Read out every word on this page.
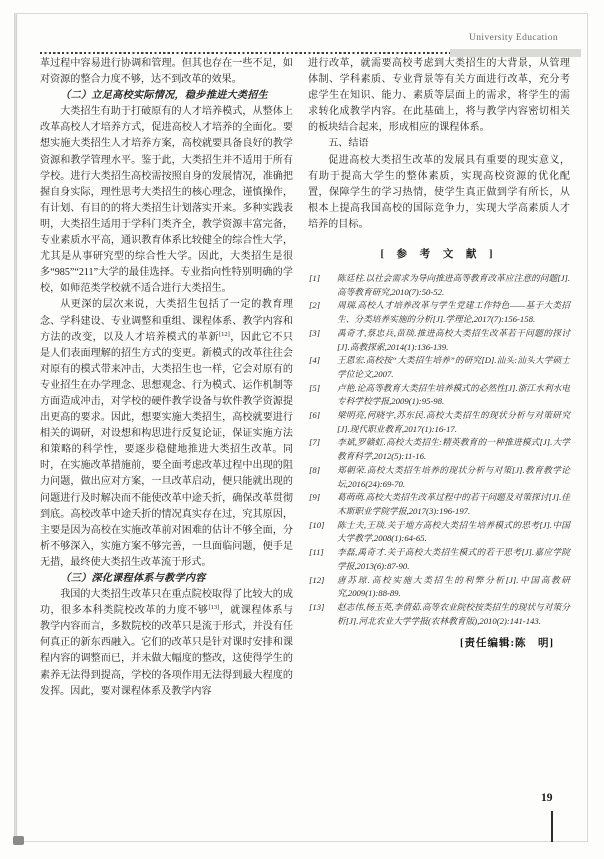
University Education

革过程中容易进行协调和管理。但其也存在一些不足，如对资源的整合力度不够，达不到改革的效果。

（二）立足高校实际情况，稳步推进大类招生

大类招生有助于打破原有的人才培养模式，从整体上改革高校人才培养方式，促进高校人才培养的全面化。要想实施大类招生人才培养方案，高校就要具备良好的教学资源和教学管理水平。鉴于此，大类招生并不适用于所有学校。进行大类招生高校需按照自身的发展情况，准确把握自身实际，理性思考大类招生的核心理念，谨慎操作，有计划、有目的的将大类招生计划落实开来。多种实践表明，大类招生适用于学科门类齐全，教学资源丰富完备，专业素质水平高，通识教育体系比较健全的综合性大学，尤其是从事研究型的综合性大学。因此，大类招生是很多“985”“211”大学的最佳选择。专业指向性特别明确的学校，如师范类学校就不适合进行大类招生。

从更深的层次来说，大类招生包括了一定的教育理念、学科建设、专业调整和重组、课程体系、教学内容和方法的改变，以及人才培养模式的革新[12]，因此它不只是人们表面理解的招生方式的变更。新模式的改革往往会对原有的模式带来冲击，大类招生也一样，它会对原有的专业招生在办学理念、思想观念、行为模式、运作机制等方面造成冲击，对学校的硬件教学设备与软件教学资源提出更高的要求。因此，想要实施大类招生，高校就要进行相关的调研，对设想和构思进行反复论证，保证实施方法和策略的科学性，要逐步稳健地推进大类招生改革。同时，在实施改革措施前，要全面考虑改革过程中出现的阻力问题，做出应对方案，一旦改革启动，便只能就出现的问题进行及时解决而不能使改革中途夭折，确保改革贯彻到底。高校改革中途夭折的情况真实存在过，究其原因，主要是因为高校在实施改革前对困难的估计不够全面，分析不够深入，实施方案不够完善，一旦面临问题，便手足无措，最终使大类招生改革流于形式。

（三）深化课程体系与教学内容

我国的大类招生改革只在重点院校取得了比较大的成功，很多本科类院校改革的力度不够[13]，就课程体系与教学内容而言，多数院校的改革只是流于形式，并没有任何真正的新东西融入。它们的改革只是针对课时安排和课程内容的调整而已，并未做大幅度的整改，这使得学生的素养无法得到提高，学校的各项作用无法得到最大程度的发挥。因此，要对课程体系及教学内容

进行改革，就需要高校考虑到大类招生的大背景，从管理体制、学科素质、专业背景等有关方面进行改革，充分考虑学生在知识、能力、素质等层面上的需求，将学生的需求转化成教学内容。在此基础上，将与教学内容密切相关的板块结合起来，形成相应的课程体系。

五、结语

促进高校大类招生改革的发展具有重要的现实意义，有助于提高大学生的整体素质，实现高校资源的优化配置，保障学生的学习热情，使学生真正做到学有所长，从根本上提高我国高校的国际竞争力，实现大学高素质人才培养的目标。

[ 参 考 文 献 ]
[1] 陈廷柱.以社会需求为导向推进高等教育改革应注意的问题[J].高等教育研究,2010(7):50-52.
[2] 周瑞.高校人才培养改革与学生党建工作特色——基于大类招生、分类培养实施的分析[J].学理论,2017(7):156-158.
[3] 禹奇才,蔡忠兵,苗琰.推进高校大类招生改革若干问题的探讨[J].高教探索,2014(1):136-139.
[4] 王恩宏.高校按“大类招生培养”的研究[D].汕头:汕头大学硕士学位论文,2007.
[5] 卢艳.论高等教育大类招生培养模式的必然性[J].浙江水利水电专科学校学报,2009(1):95-98.
[6] 梁明亮,何晓宇,苏东民.高校大类招生的现状分析与对策研究[J].现代职业教育,2017(1):16-17.
[7] 李斌,罗赣虹.高校大类招生:精英教育的一种推进模式[J].大学教育科学,2012(5):11-16.
[8] 郑朝荣.高校大类招生培养的现状分析与对策[J].教育教学论坛,2016(24):69-70.
[9] 葛萌萌.高校大类招生改革过程中的若干问题及对策探讨[J].佳木斯职业学院学报,2017(3):196-197.
[10] 陈士夫,王琰.关于地方高校大类招生培养模式的思考[J].中国大学教学,2008(1):64-65.
[11] 李磊,禹奇才.关于高校大类招生模式的若干思考[J].嘉应学院学报,2013(6):87-90.
[12] 唐苏琼.高校实施大类招生的利弊分析[J].中国高教研究,2009(1):88-89.
[13] 赵志伟,杨玉英,李倩茹.高等农业院校按类招生的现状与对策分析[J].河北农业大学学报(农林教育版),2010(2):141-143.
[责任编辑:陈　明]
19
